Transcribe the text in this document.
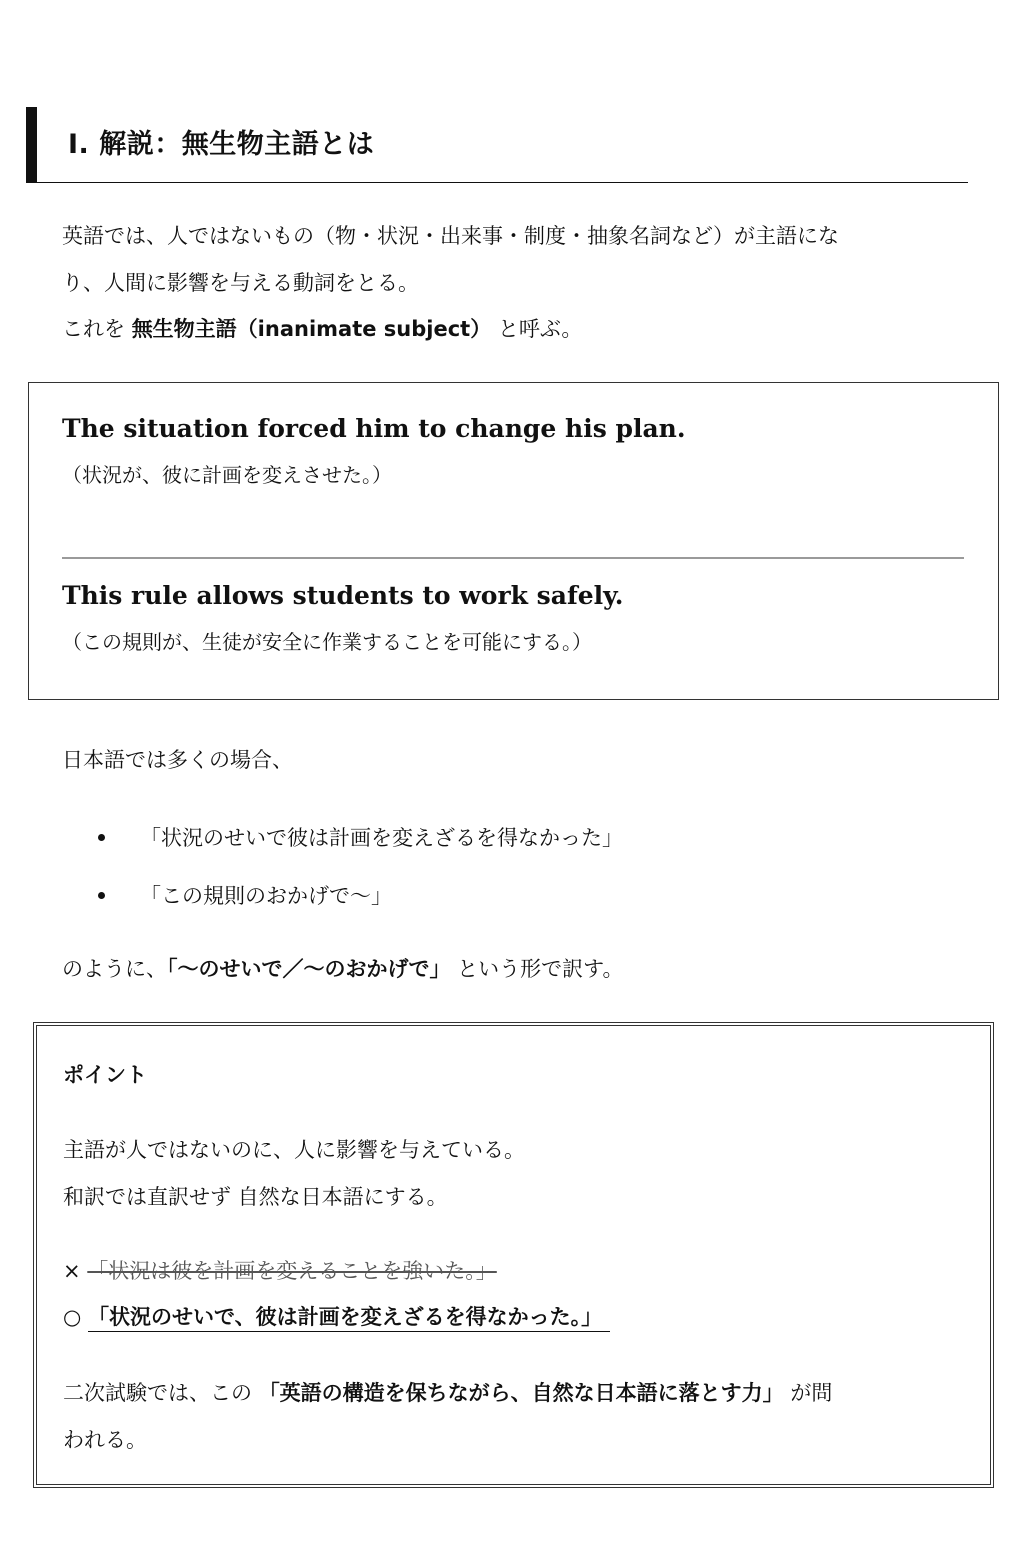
Ⅰ. 解説：無生物主語とは
英語では、人ではないもの（物・状況・出来事・制度・抽象名詞など）が主語にな
り、人間に影響を与える動詞をとる。
これを 無生物主語（inanimate subject） と呼ぶ。
The situation forced him to change his plan.
（状況が、彼に計画を変えさせた。）
This rule allows students to work safely.
（この規則が、生徒が安全に作業することを可能にする。）
日本語では多くの場合、
「状況のせいで彼は計画を変えざるを得なかった」
「この規則のおかげで～」
のように、「～のせいで／～のおかげで」 という形で訳す。
ポイント
主語が人ではないのに、人に影響を与えている。
和訳では直訳せず 自然な日本語にする。
× 「状況は彼を計画を変えることを強いた。」
○ 「状況のせいで、彼は計画を変えざるを得なかった。」
二次試験では、この 「英語の構造を保ちながら、自然な日本語に落とす力」 が問
われる。
